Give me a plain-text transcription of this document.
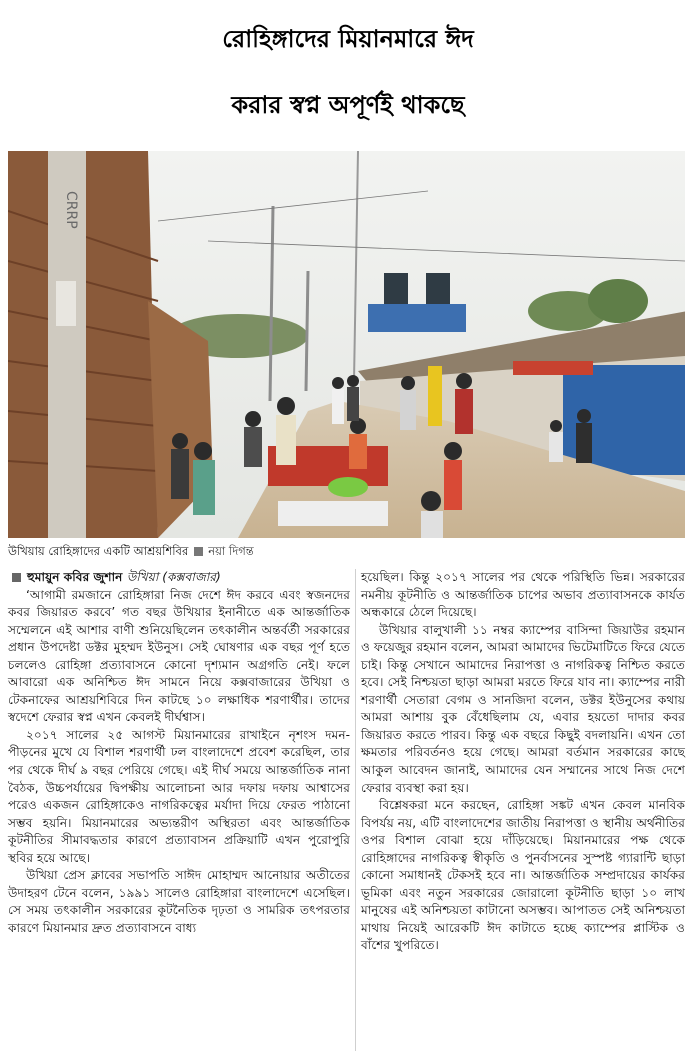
রোহিঙ্গাদের মিয়ানমারে ঈদ
করার স্বপ্ন অপূর্ণই থাকছে
CRRP
উখিয়ায় রোহিঙ্গাদের একটি আশ্রয়শিবির নয়া দিগন্ত
হুমায়ুন কবির জুশান উখিয়া (কক্সবাজার)

‘আগামী রমজানে রোহিঙ্গারা নিজ দেশে ঈদ করবে এবং স্বজনদের কবর জিয়ারত করবে’ গত বছর উখিয়ার ইনানীতে এক আন্তর্জাতিক সম্মেলনে এই আশার বাণী শুনিয়েছিলেন তৎকালীন অন্তর্বর্তী সরকারের প্রধান উপদেষ্টা ডক্টর মুহম্মদ ইউনুস। সেই ঘোষণার এক বছর পূর্ণ হতে চললেও রোহিঙ্গা প্রত্যাবাসনে কোনো দৃশ্যমান অগ্রগতি নেই। ফলে আবারো এক অনিশ্চিত ঈদ সামনে নিয়ে কক্সবাজারের উখিয়া ও টেকনাফের আশ্রয়শিবিরে দিন কাটছে ১০ লক্ষাধিক শরণার্থীর। তাদের স্বদেশে ফেরার স্বপ্ন এখন কেবলই দীর্ঘশ্বাস।

২০১৭ সালের ২৫ আগস্ট মিয়ানমারের রাখাইনে নৃশংস দমন-পীড়নের মুখে যে বিশাল শরণার্থী ঢল বাংলাদেশে প্রবেশ করেছিল, তার পর থেকে দীর্ঘ ৯ বছর পেরিয়ে গেছে। এই দীর্ঘ সময়ে আন্তর্জাতিক নানা বৈঠক, উচ্চপর্যায়ের দ্বিপক্ষীয় আলোচনা আর দফায় দফায় আশ্বাসের পরেও একজন রোহিঙ্গাকেও নাগরিকত্বের মর্যাদা দিয়ে ফেরত পাঠানো সম্ভব হয়নি। মিয়ানমারের অভ্যন্তরীণ অস্থিরতা এবং আন্তর্জাতিক কূটনীতির সীমাবদ্ধতার কারণে প্রত্যাবাসন প্রক্রিয়াটি এখন পুরোপুরি স্থবির হয়ে আছে।

উখিয়া প্রেস ক্লাবের সভাপতি সাঈদ মোহাম্মদ আনোয়ার অতীতের উদাহরণ টেনে বলেন, ১৯৯১ সালেও রোহিঙ্গারা বাংলাদেশে এসেছিল। সে সময় তৎকালীন সরকারের কূটনৈতিক দৃঢ়তা ও সামরিক তৎপরতার কারণে মিয়ানমার দ্রুত প্রত্যাবাসনে বাধ্য

হয়েছিল। কিন্তু ২০১৭ সালের পর থেকে পরিস্থিতি ভিন্ন। সরকারের নমনীয় কূটনীতি ও আন্তর্জাতিক চাপের অভাব প্রত্যাবাসনকে কার্যত অন্ধকারে ঠেলে দিয়েছে।

উখিয়ার বালুখালী ১১ নম্বর ক্যাম্পের বাসিন্দা জিয়াউর রহমান ও ফয়েজুর রহমান বলেন, আমরা আমাদের ভিটেমাটিতে ফিরে যেতে চাই। কিন্তু সেখানে আমাদের নিরাপত্তা ও নাগরিকত্ব নিশ্চিত করতে হবে। সেই নিশ্চয়তা ছাড়া আমরা মরতে ফিরে যাব না। ক্যাম্পের নারী শরণার্থী সেতারা বেগম ও সানজিদা বলেন, ডক্টর ইউনুসের কথায় আমরা আশায় বুক বেঁধেছিলাম যে, এবার হয়তো দাদার কবর জিয়ারত করতে পারব। কিন্তু এক বছরে কিছুই বদলায়নি। এখন তো ক্ষমতার পরিবর্তনও হয়ে গেছে। আমরা বর্তমান সরকারের কাছে আকুল আবেদন জানাই, আমাদের যেন সম্মানের সাথে নিজ দেশে ফেরার ব্যবস্থা করা হয়।

বিশ্লেষকরা মনে করছেন, রোহিঙ্গা সঙ্কট এখন কেবল মানবিক বিপর্যয় নয়, এটি বাংলাদেশের জাতীয় নিরাপত্তা ও স্থানীয় অর্থনীতির ওপর বিশাল বোঝা হয়ে দাঁড়িয়েছে। মিয়ানমারের পক্ষ থেকে রোহিঙ্গাদের নাগরিকত্ব স্বীকৃতি ও পুনর্বাসনের সুস্পষ্ট গ্যারান্টি ছাড়া কোনো সমাধানই টেকসই হবে না। আন্তর্জাতিক সম্প্রদায়ের কার্যকর ভূমিকা এবং নতুন সরকারের জোরালো কূটনীতি ছাড়া ১০ লাখ মানুষের এই অনিশ্চয়তা কাটানো অসম্ভব। আপাতত সেই অনিশ্চয়তা মাথায় নিয়েই আরেকটি ঈদ কাটাতে হচ্ছে ক্যাম্পের প্লাস্টিক ও বাঁশের খুপরিতে।
